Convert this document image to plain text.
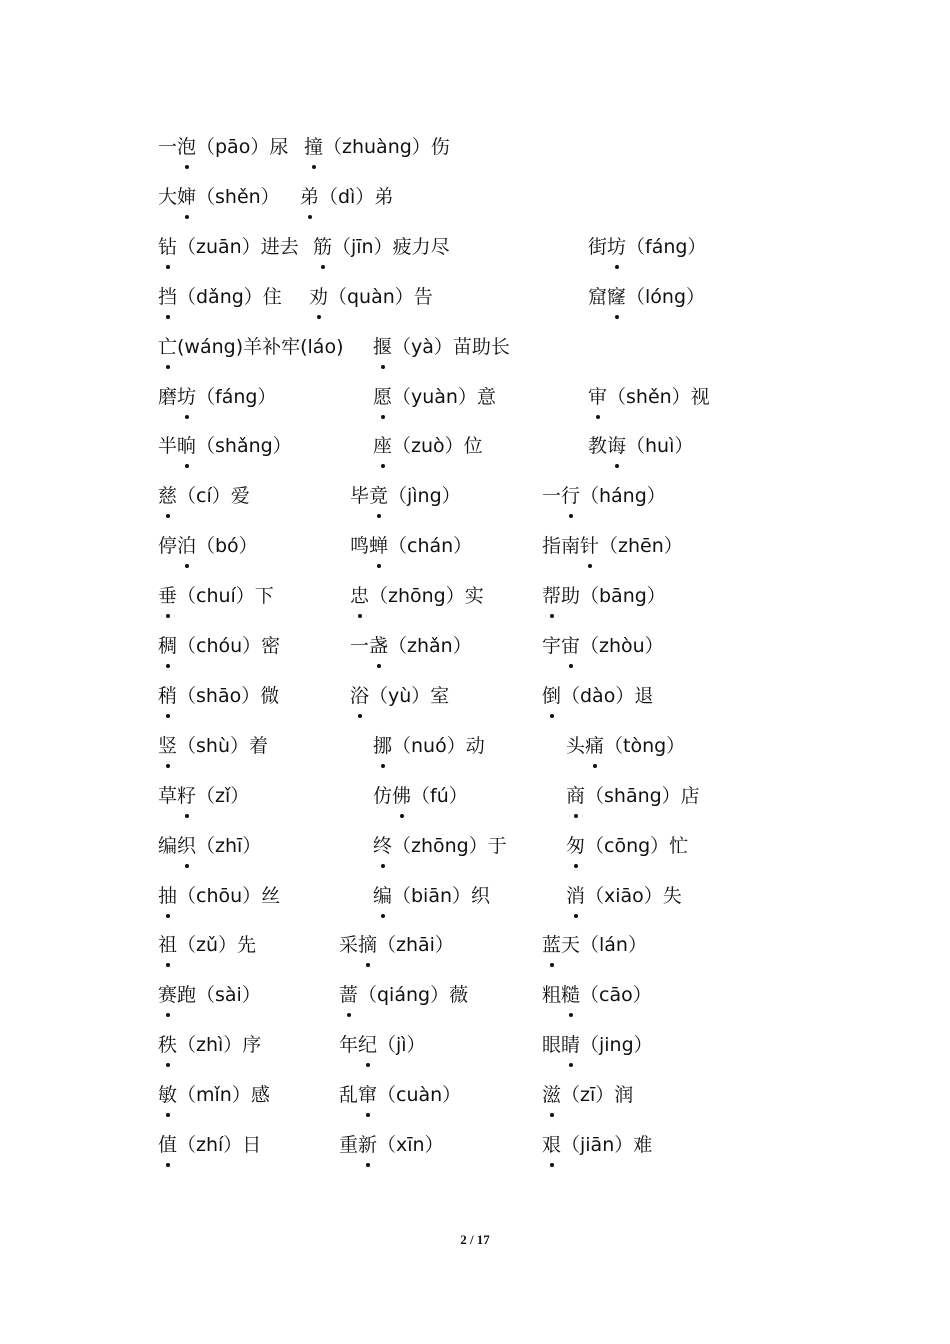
一泡（pāo）尿 撞（zhuàng）伤
大婶（shěn） 弟（dì）弟
钻（zuān）进去 筋（jīn）疲力尽	街坊（fáng）
挡（dǎng）住 劝（quàn）告	窟窿（lóng）
亡(wáng)羊补牢(láo) 揠（yà）苗助长
磨坊（fáng）	愿（yuàn）意	审（shěn）视
半晌（shǎng）	座（zuò）位	教诲（huì）
慈（cí）爱	毕竟（jìng）	一行（háng）
停泊（bó）	鸣蝉（chán）	指南针（zhēn）
垂（chuí）下	忠（zhōng）实	帮助（bāng）
稠（chóu）密	一盏（zhǎn）	宇宙（zhòu）
稍（shāo）微	浴（yù）室	倒（dào）退
竖（shù）着	挪（nuó）动	头痛（tòng）
草籽（zǐ）	仿佛（fú）	商（shāng）店
编织（zhī）	终（zhōng）于	匆（cōng）忙
抽（chōu）丝	编（biān）织	消（xiāo）失
祖（zǔ）先	采摘（zhāi）	蓝天（lán）
赛跑（sài）	蔷（qiáng）薇	粗糙（cāo）
秩（zhì）序	年纪（jì）	眼睛（jing）
敏（mǐn）感	乱窜（cuàn）	滋（zī）润
值（zhí）日	重新（xīn）	艰（jiān）难
2 / 17
